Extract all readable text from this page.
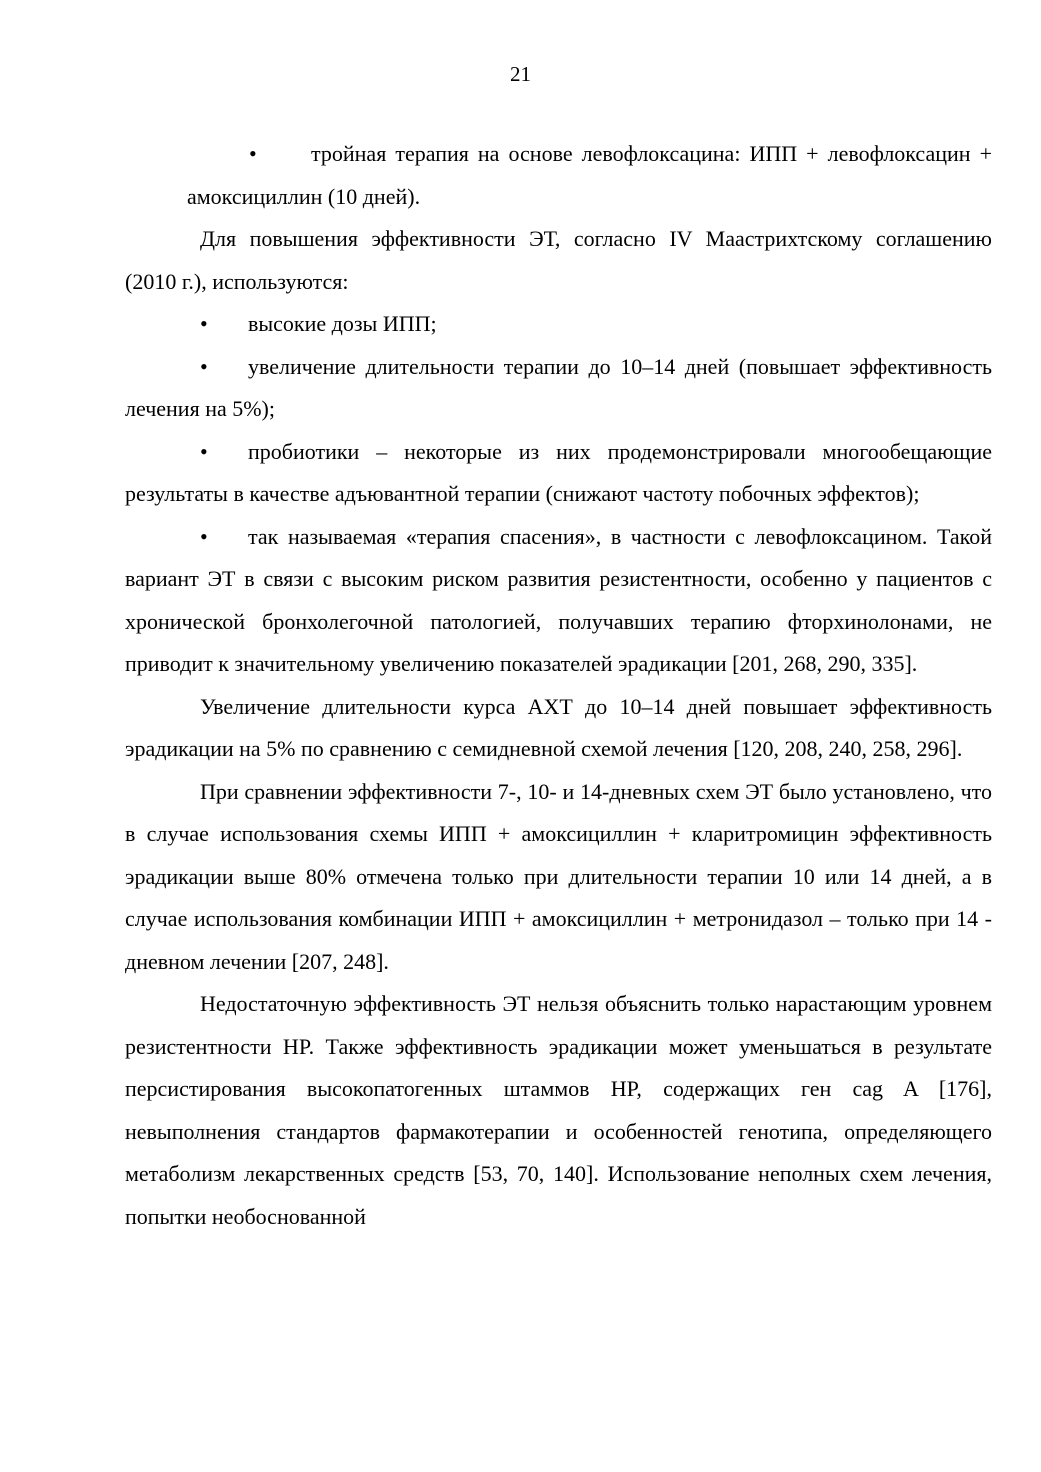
21

• тройная терапия на основе левофлоксацина: ИПП + левофлоксацин + амоксициллин (10 дней).

Для повышения эффективности ЭТ, согласно IV Маастрихтскому соглашению (2010 г.), используются:

• высокие дозы ИПП;

• увеличение длительности терапии до 10–14 дней (повышает эффективность лечения на 5%);

• пробиотики – некоторые из них продемонстрировали многообещающие результаты в качестве адъювантной терапии (снижают частоту побочных эффектов);

• так называемая «терапия спасения», в частности с левофлоксацином. Такой вариант ЭТ в связи с высоким риском развития резистентности, особенно у пациентов с хронической бронхолегочной патологией, получавших терапию фторхинолонами, не приводит к значительному увеличению показателей эрадикации [201, 268, 290, 335].

Увеличение длительности курса АХТ до 10–14 дней повышает эффективность эрадикации на 5% по сравнению с семидневной схемой лечения [120, 208, 240, 258, 296].

При сравнении эффективности 7-, 10- и 14-дневных схем ЭТ было установлено, что в случае использования схемы ИПП + амоксициллин + кларитромицин эффективность эрадикации выше 80% отмечена только при длительности терапии 10 или 14 дней, а в случае использования комбинации ИПП + амоксициллин + метронидазол – только при 14 - дневном лечении [207, 248].

Недостаточную эффективность ЭТ нельзя объяснить только нарастающим уровнем резистентности HP. Также эффективность эрадикации может уменьшаться в результате персистирования высокопатогенных штаммов HP, содержащих ген cag A [176], невыполнения стандартов фармакотерапии и особенностей генотипа, определяющего метаболизм лекарственных средств [53, 70, 140]. Использование неполных схем лечения, попытки необоснованной
